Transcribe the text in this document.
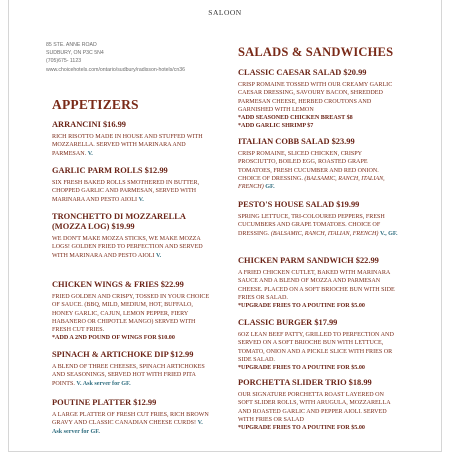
SALOON
85 STE. ANNE ROAD
SUDBURY, ON P3C 5N4
(705)675- 1123
www.choicehotels.com/ontario/sudbury/radisson-hotels/cn36
APPETIZERS
ARRANCINI $16.99
RICH RISOTTO MADE IN HOUSE AND STUFFED WITH MOZZARELLA. SERVED WITH MARINARA AND PARMESAN. V.
GARLIC PARM ROLLS $12.99
SIX FRESH BAKED ROLLS SMOTHERED IN BUTTER, CHOPPED GARLIC AND PARMESAN, SERVED WITH MARINARA AND PESTO AIOLI V.
TRONCHETTO DI MOZZARELLA (MOZZA LOG) $19.99
WE DON'T MAKE MOZZA STICKS, WE MAKE MOZZA LOGS! GOLDEN FRIED TO PERFECTION AND SERVED WITH MARINARA AND PESTO AIOLI V.
CHICKEN WINGS & FRIES $22.99
FRIED GOLDEN AND CRISPY, TOSSED IN YOUR CHOICE OF SAUCE. (BBQ, MILD, MEDIUM, HOT, BUFFALO, HONEY GARLIC, CAJUN, LEMON PEPPER, FIERY HABANERO OR CHIPOTLE MANGO) SERVED WITH FRESH CUT FRIES.
*ADD A 2ND POUND OF WINGS FOR $10.00
SPINACH & ARTICHOKE DIP $12.99
A BLEND OF THREE CHEESES, SPINACH ARTICHOKES AND SEASONINGS, SERVED HOT WITH FRIED PITA POINTS. V. Ask server for GF.
POUTINE PLATTER $12.99
A LARGE PLATTER OF FRESH CUT FRIES, RICH BROWN GRAVY AND CLASSIC CANADIAN CHEESE CURDS! V. Ask server for GF.
SALADS & SANDWICHES
CLASSIC CAESAR SALAD $20.99
CRISP ROMAINE TOSSED WITH OUR CREAMY GARLIC CAESAR DRESSING, SAVOURY BACON, SHREDDED PARMESAN CHEESE, HERBED CROUTONS AND GARNISHED WITH LEMON
*ADD SEASONED CHICKEN BREAST $8
*ADD GARLIC SHRIMP $7
ITALIAN COBB SALAD $23.99
CRISP ROMAINE, SLICED CHICKEN, CRISPY PROSCIUTTO, BOILED EGG, ROASTED GRAPE TOMATOES, FRESH CUCUMBER AND RED ONION. CHOICE OF DRESSING. (BALSAMIC, RANCH, ITALIAN, FRENCH) GF.
PESTO'S HOUSE SALAD $19.99
SPRING LETTUCE, TRI-COLOURED PEPPERS, FRESH CUCUMBERS AND GRAPE TOMATOES. CHOICE OF DRESSING. (BALSAMIC, RANCH, ITALIAN, FRENCH) V., GF.
CHICKEN PARM SANDWICH $22.99
A FRIED CHICKEN CUTLET, BAKED WITH MARINARA SAUCE AND A BLEND OF MOZZA AND PARMESAN CHEESE. PLACED ON A SOFT BRIOCHE BUN WITH SIDE FRIES OR SALAD.
*UPGRADE FRIES TO A POUTINE FOR $5.00
CLASSIC BURGER $17.99
6OZ LEAN BEEF PATTY, GRILLED TO PERFECTION AND SERVED ON A SOFT BRIOCHE BUN WITH LETTUCE, TOMATO, ONION AND A PICKLE SLICE WITH FRIES OR SIDE SALAD.
*UPGRADE FRIES TO A POUTINE FOR $5.00
PORCHETTA SLIDER TRIO $18.99
OUR SIGNATURE PORCHETTA ROAST LAYERED ON SOFT SLIDER ROLLS, WITH ARUGULA, MOZZARELLA AND ROASTED GARLIC AND PEPPER AIOLI. SERVED WITH FRIES OR SALAD
*UPGRADE FRIES TO A POUTINE FOR $5.00
